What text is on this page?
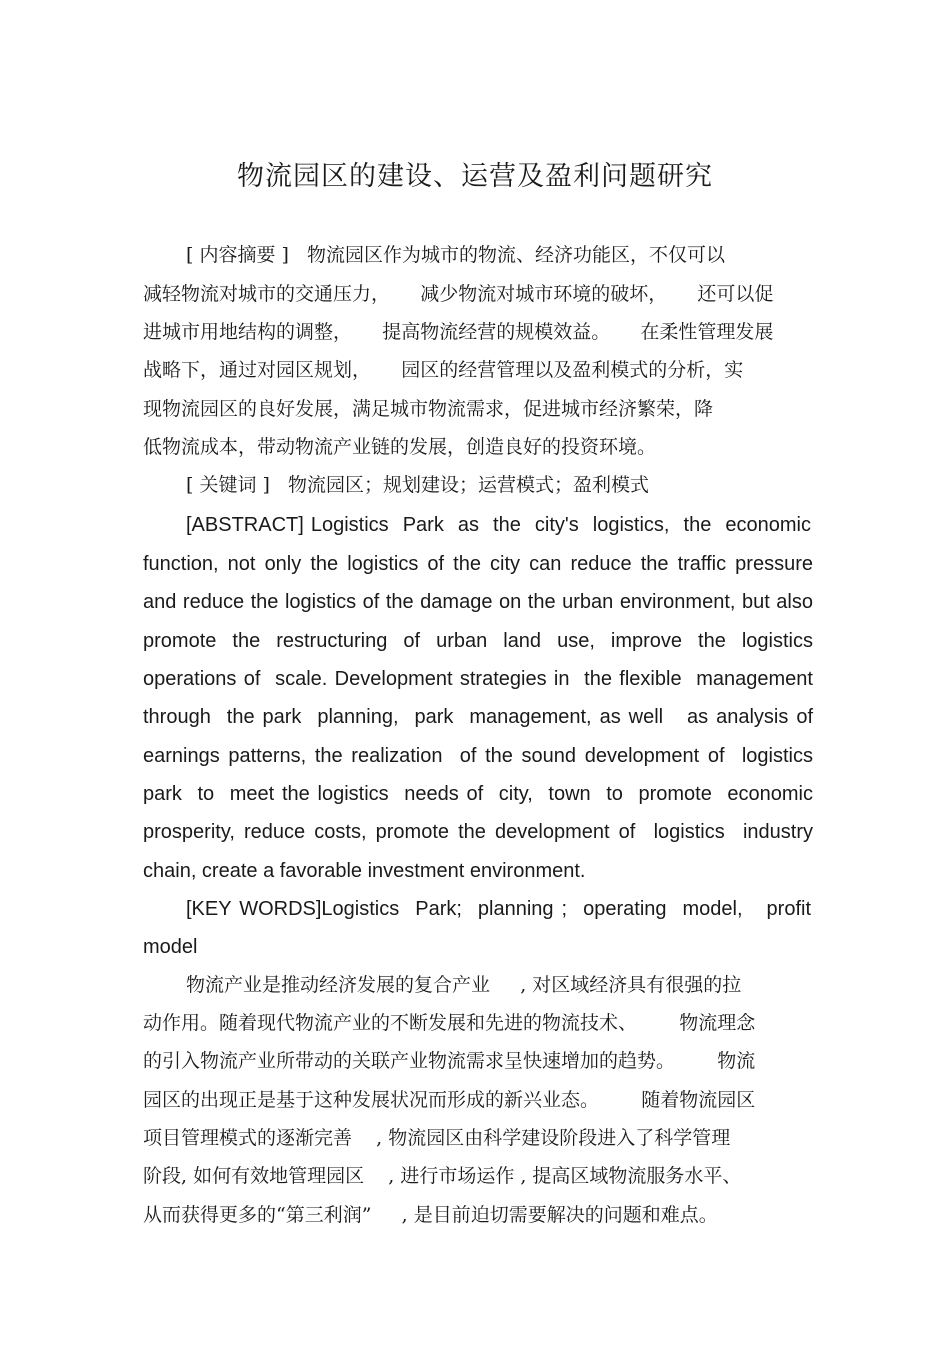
物流园区的建设、运营及盈利问题研究
[ 内容摘要 ]   物流园区作为城市的物流、经济功能区，不仅可以
减轻物流对城市的交通压力，     减少物流对城市环境的破坏，     还可以促
进城市用地结构的调整，     提高物流经营的规模效益。     在柔性管理发展
战略下，通过对园区规划，     园区的经营管理以及盈利模式的分析，实
现物流园区的良好发展，满足城市物流需求，促进城市经济繁荣，降
低物流成本，带动物流产业链的发展，创造良好的投资环境。
[ 关键词 ]   物流园区；规划建设；运营模式；盈利模式
[ABSTRACT] Logistics  Park  as  the  city's  logistics,  the  economic
function, not only the logistics of the city can reduce the traffic pressure
and reduce the logistics of the damage on the urban environment, but also
promote  the  restructuring  of  urban  land  use,  improve  the  logistics
operations of  scale. Development strategies in  the flexible  management
through  the park  planning,  park  management, as well   as analysis of
earnings patterns, the realization  of the sound development of  logistics
park  to  meet the logistics  needs of  city,  town  to  promote  economic
prosperity, reduce costs, promote the development of  logistics  industry
chain, create a favorable investment environment.
[KEY WORDS]Logistics  Park;  planning ;  operating  model,   profit
model
物流产业是推动经济发展的复合产业     , 对区域经济具有很强的拉
动作用。随着现代物流产业的不断发展和先进的物流技术、       物流理念
的引入物流产业所带动的关联产业物流需求呈快速增加的趋势。       物流
园区的出现正是基于这种发展状况而形成的新兴业态。       随着物流园区
项目管理模式的逐渐完善    , 物流园区由科学建设阶段进入了科学管理
阶段, 如何有效地管理园区    , 进行市场运作 , 提高区域物流服务水平、
从而获得更多的“第三利润”     , 是目前迫切需要解决的问题和难点。
